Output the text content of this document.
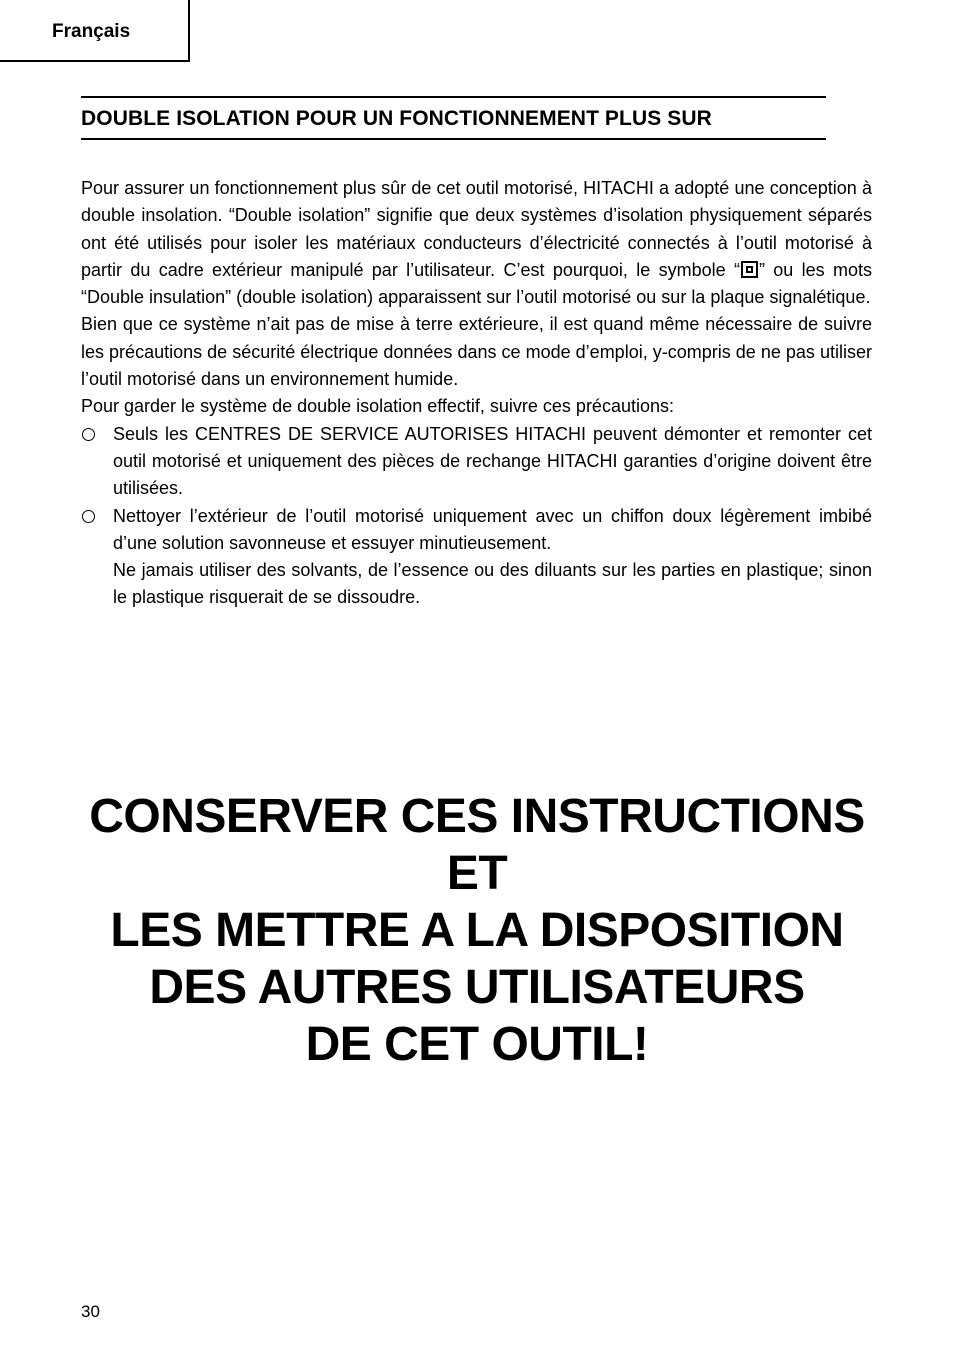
Français
DOUBLE ISOLATION POUR UN FONCTIONNEMENT PLUS SUR

Pour assurer un fonctionnement plus sûr de cet outil motorisé, HITACHI a adopté une conception à double insolation. “Double isolation” signifie que deux systèmes d’isolation physiquement séparés ont été utilisés pour isoler les matériaux conducteurs d’électricité connectés à l’outil motorisé à partir du cadre extérieur manipulé par l’utilisateur. C’est pourquoi, le symbole “ ” ou les mots “Double insulation” (double isolation) apparaissent sur l’outil motorisé ou sur la plaque signalétique.

Bien que ce système n’ait pas de mise à terre extérieure, il est quand même nécessaire de suivre les précautions de sécurité électrique données dans ce mode d’emploi, y-compris de ne pas utiliser l’outil motorisé dans un environnement humide.

Pour garder le système de double isolation effectif, suivre ces précautions:

Seuls les CENTRES DE SERVICE AUTORISES HITACHI peuvent démonter et remonter cet outil motorisé et uniquement des pièces de rechange HITACHI garanties d’origine doivent être utilisées.

Nettoyer l’extérieur de l’outil motorisé uniquement avec un chiffon doux légèrement imbibé d’une solution savonneuse et essuyer minutieusement.

Ne jamais utiliser des solvants, de l’essence ou des diluants sur les parties en plastique; sinon le plastique risquerait de se dissoudre.

CONSERVER CES INSTRUCTIONS
ET
LES METTRE A LA DISPOSITION
DES AUTRES UTILISATEURS
DE CET OUTIL!
30
